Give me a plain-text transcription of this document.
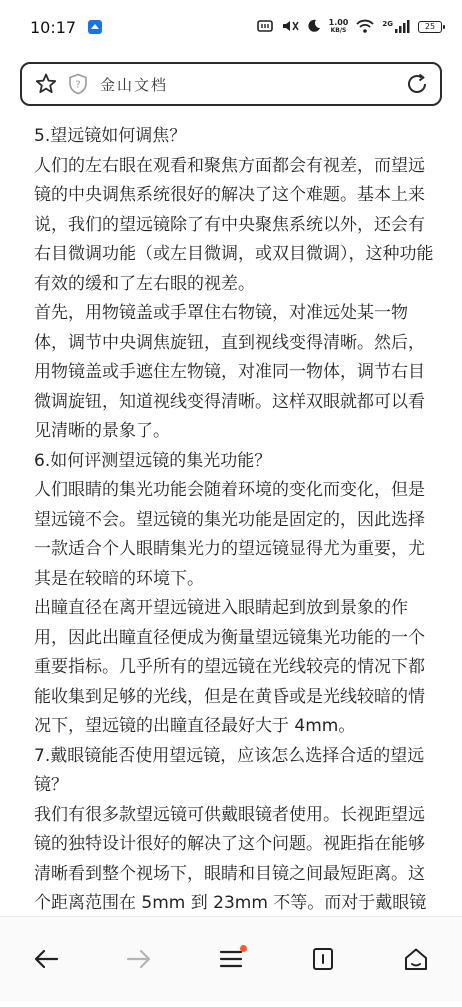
10:17	1.00
KB/S
2G	25
? 金山文档

5.望远镜如何调焦？

人们的左右眼在观看和聚焦方面都会有视差，而望远镜的中央调焦系统很好的解决了这个难题。基本上来说，我们的望远镜除了有中央聚焦系统以外，还会有右目微调功能（或左目微调，或双目微调），这种功能有效的缓和了左右眼的视差。

首先，用物镜盖或手罩住右物镜，对准远处某一物体，调节中央调焦旋钮，直到视线变得清晰。然后，用物镜盖或手遮住左物镜，对准同一物体，调节右目微调旋钮，知道视线变得清晰。这样双眼就都可以看见清晰的景象了。

6.如何评测望远镜的集光功能？

人们眼睛的集光功能会随着环境的变化而变化，但是望远镜不会。望远镜的集光功能是固定的，因此选择一款适合个人眼睛集光力的望远镜显得尤为重要，尤其是在较暗的环境下。

出瞳直径在离开望远镜进入眼睛起到放到景象的作用，因此出瞳直径便成为衡量望远镜集光功能的一个重要指标。几乎所有的望远镜在光线较亮的情况下都能收集到足够的光线，但是在黄昏或是光线较暗的情况下，望远镜的出瞳直径最好大于 4mm。

7.戴眼镜能否使用望远镜，应该怎么选择合适的望远镜？

我们有很多款望远镜可供戴眼镜者使用。长视距望远镜的独特设计很好的解决了这个问题。视距指在能够清晰看到整个视场下，眼睛和目镜之间最短距离。这个距离范围在 5mm 到 23mm 不等。而对于戴眼镜
